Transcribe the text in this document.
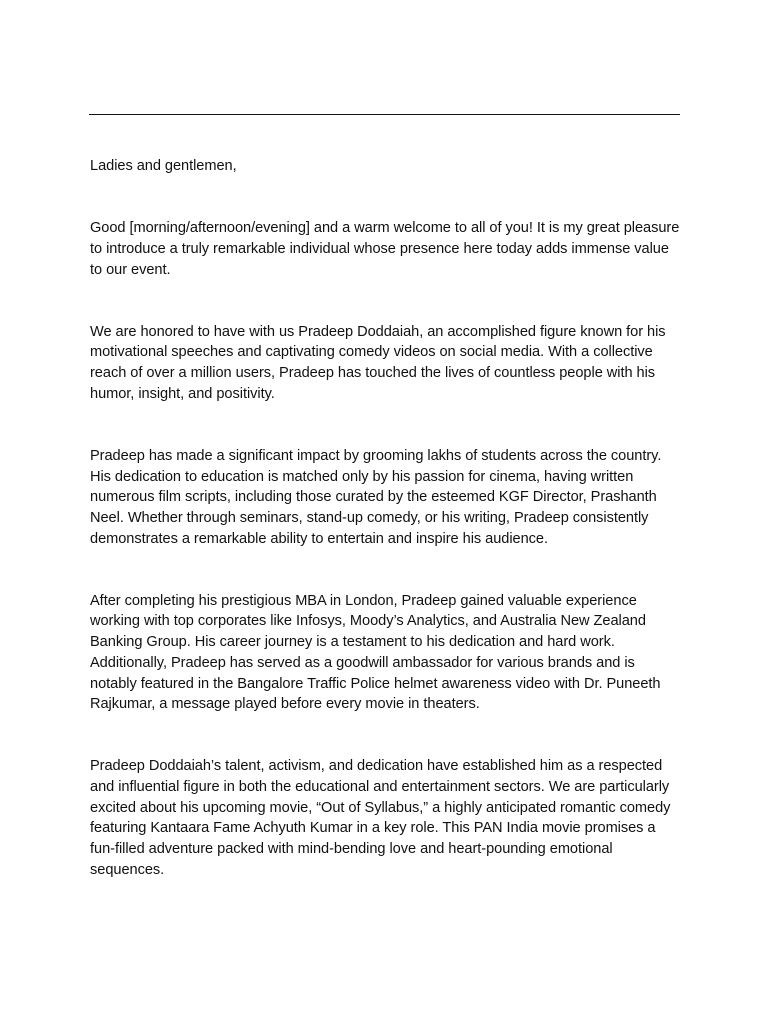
Ladies and gentlemen,

Good [morning/afternoon/evening] and a warm welcome to all of you! It is my great pleasure to introduce a truly remarkable individual whose presence here today adds immense value to our event.

We are honored to have with us Pradeep Doddaiah, an accomplished figure known for his motivational speeches and captivating comedy videos on social media. With a collective reach of over a million users, Pradeep has touched the lives of countless people with his humor, insight, and positivity.

Pradeep has made a significant impact by grooming lakhs of students across the country. His dedication to education is matched only by his passion for cinema, having written numerous film scripts, including those curated by the esteemed KGF Director, Prashanth Neel. Whether through seminars, stand-up comedy, or his writing, Pradeep consistently demonstrates a remarkable ability to entertain and inspire his audience.

After completing his prestigious MBA in London, Pradeep gained valuable experience working with top corporates like Infosys, Moody’s Analytics, and Australia New Zealand Banking Group. His career journey is a testament to his dedication and hard work. Additionally, Pradeep has served as a goodwill ambassador for various brands and is notably featured in the Bangalore Traffic Police helmet awareness video with Dr. Puneeth Rajkumar, a message played before every movie in theaters.

Pradeep Doddaiah’s talent, activism, and dedication have established him as a respected and influential figure in both the educational and entertainment sectors. We are particularly excited about his upcoming movie, “Out of Syllabus,” a highly anticipated romantic comedy featuring Kantaara Fame Achyuth Kumar in a key role. This PAN India movie promises a fun-filled adventure packed with mind-bending love and heart-pounding emotional sequences.
